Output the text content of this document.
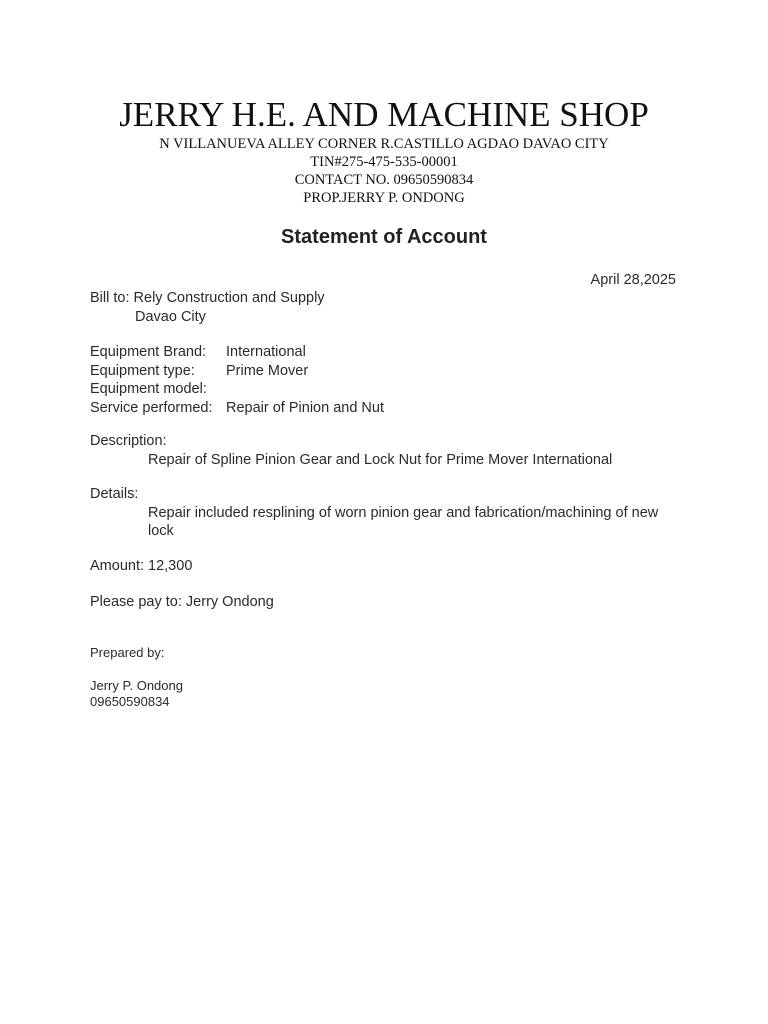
JERRY H.E. AND MACHINE SHOP
N VILLANUEVA ALLEY CORNER R.CASTILLO AGDAO DAVAO CITY
TIN#275-475-535-00001
CONTACT NO. 09650590834
PROP.JERRY P. ONDONG
Statement of Account
April 28,2025
Bill to: Rely Construction and Supply
Davao City
Equipment Brand:	International
Equipment type:	Prime Mover
Equipment model:
Service performed: Repair of Pinion and Nut
Description:
Repair of Spline Pinion Gear and Lock Nut for Prime Mover International
Details:
Repair included resplining of worn pinion gear and fabrication/machining of new lock
Amount: 12,300
Please pay to: Jerry Ondong
Prepared by:
Jerry P. Ondong
09650590834
